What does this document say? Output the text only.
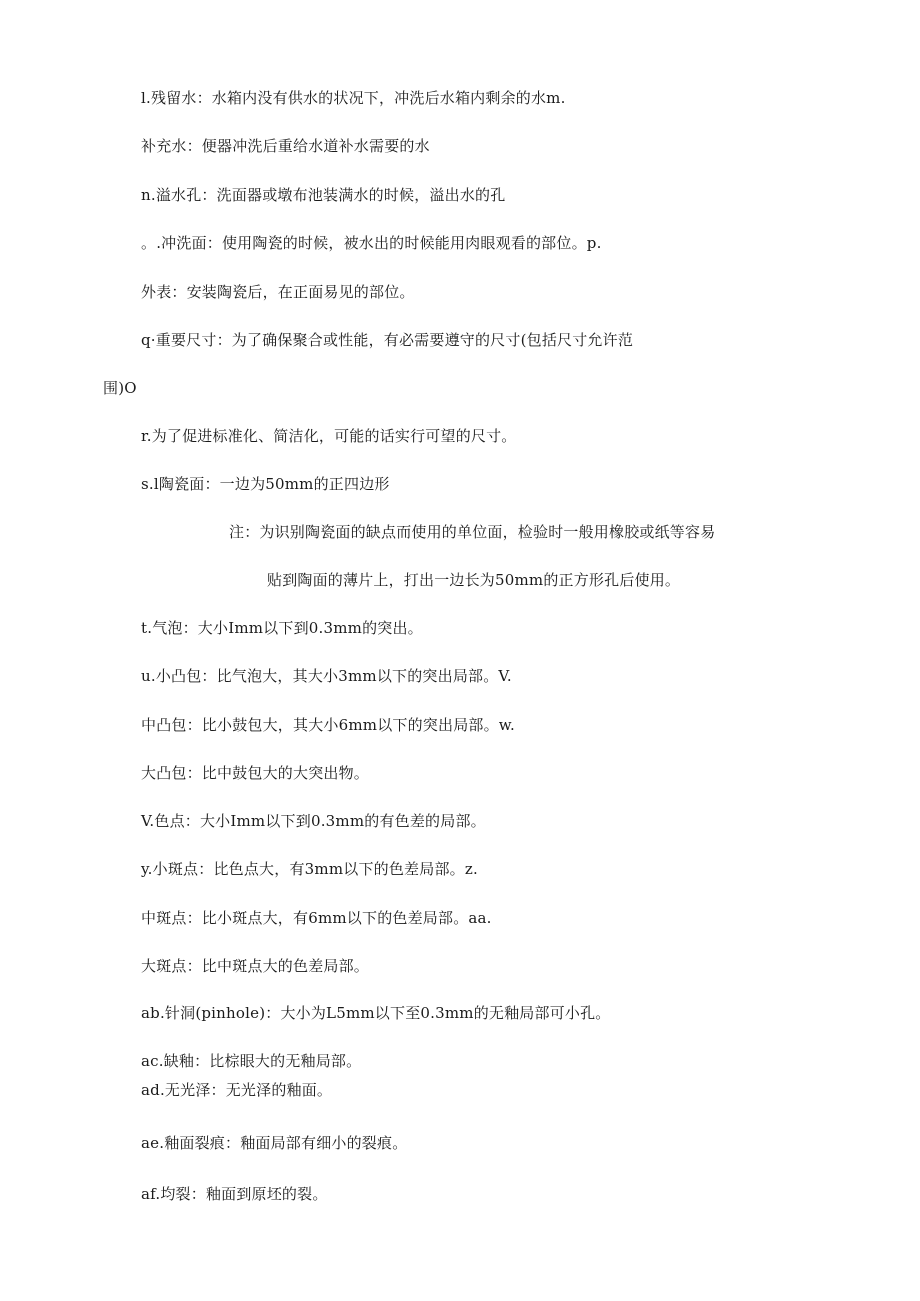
l.残留水：水箱内没有供水的状况下，冲洗后水箱内剩余的水m.
补充水：便器冲洗后重给水道补水需要的水
n.溢水孔：洗面器或墩布池装满水的时候，溢出水的孔
。.冲洗面：使用陶瓷的时候，被水出的时候能用肉眼观看的部位。p.
外表：安装陶瓷后，在正面易见的部位。
q·重要尺寸：为了确保聚合或性能，有必需要遵守的尺寸(包括尺寸允许范
围)O
r.为了促进标准化、简洁化，可能的话实行可望的尺寸。
s.l陶瓷面：一边为50mm的正四边形
注：为识别陶瓷面的缺点而使用的单位面，检验时一般用橡胶或纸等容易
贴到陶面的薄片上，打出一边长为50mm的正方形孔后使用。
t.气泡：大小Imm以下到0.3mm的突出。
u.小凸包：比气泡大，其大小3mm以下的突出局部。V.
中凸包：比小鼓包大，其大小6mm以下的突出局部。w.
大凸包：比中鼓包大的大突出物。
V.色点：大小Imm以下到0.3mm的有色差的局部。
y.小斑点：比色点大，有3mm以下的色差局部。z.
中斑点：比小斑点大，有6mm以下的色差局部。aa.
大斑点：比中斑点大的色差局部。
ab.针洞(pinhole)：大小为L5mm以下至0.3mm的无釉局部可小孔。
ac.缺釉：比棕眼大的无釉局部。
ad.无光泽：无光泽的釉面。
ae.釉面裂痕：釉面局部有细小的裂痕。
af.均裂：釉面到原坯的裂。
